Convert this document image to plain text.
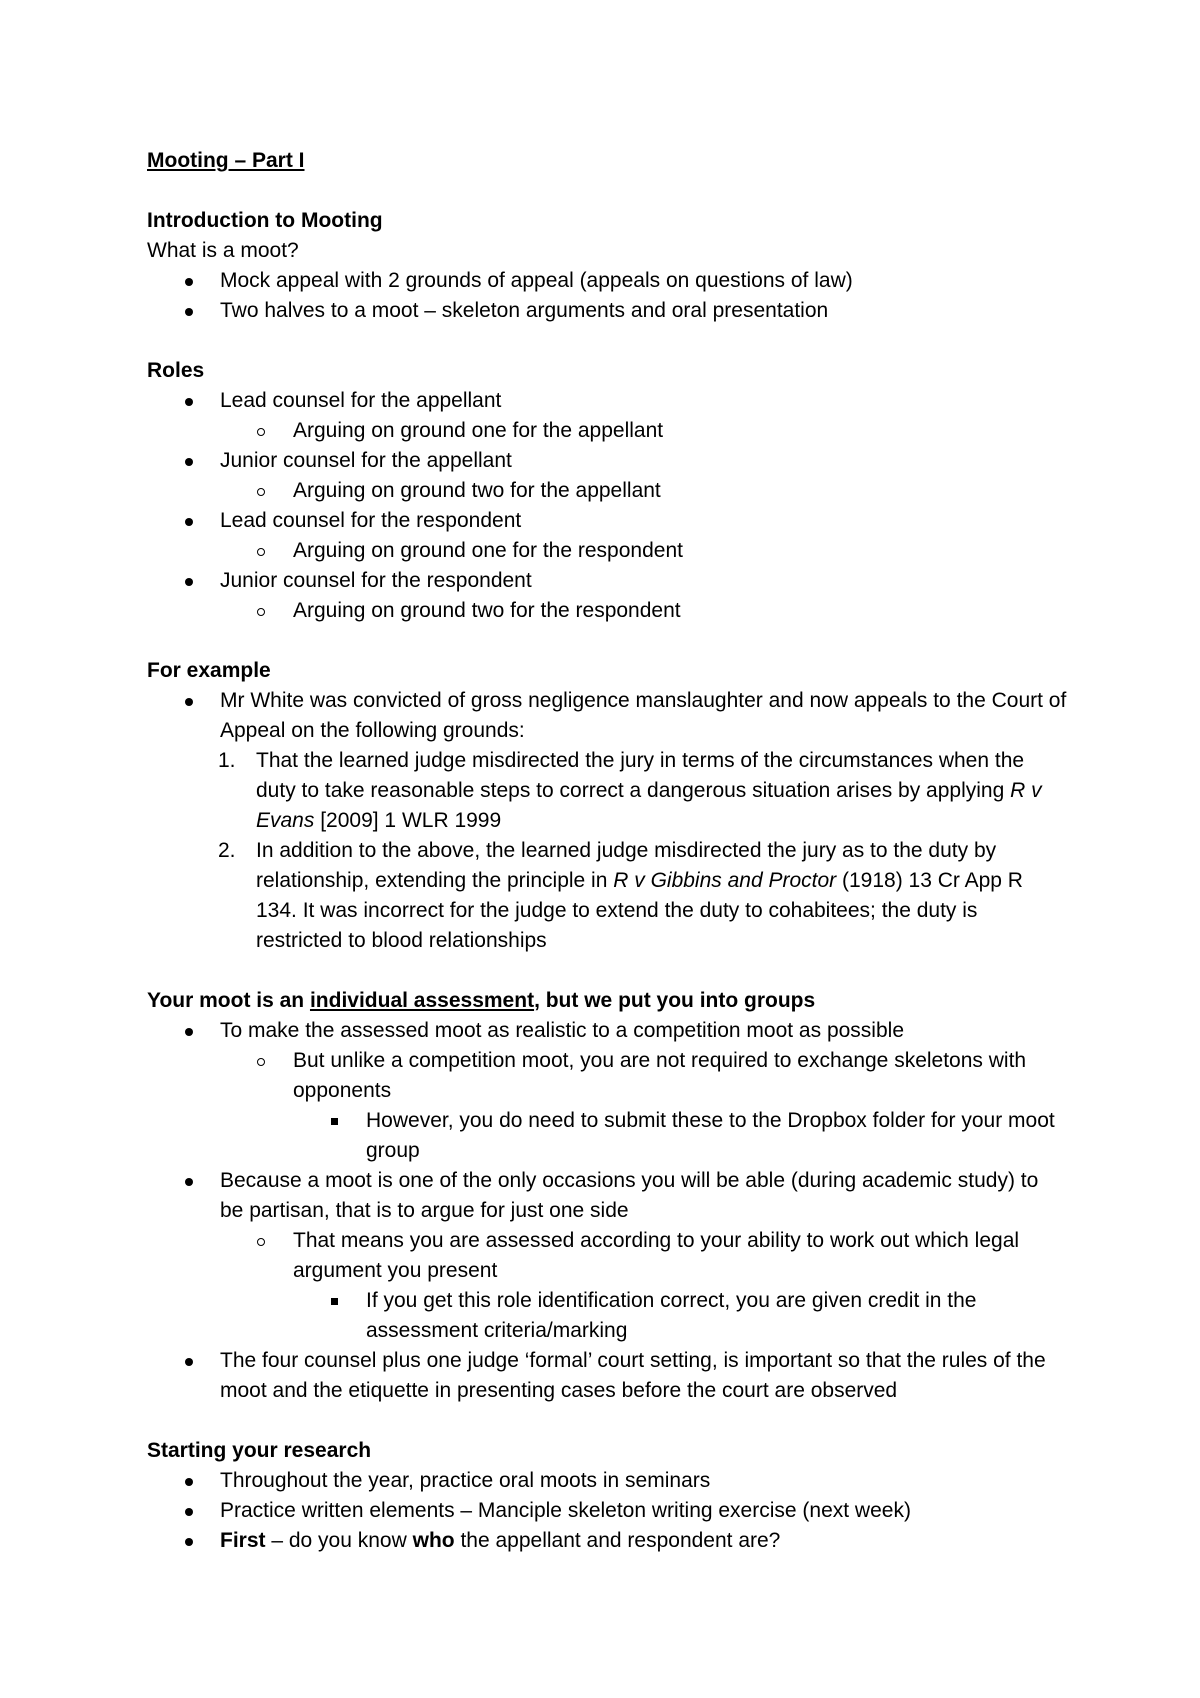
Mooting – Part I

Introduction to Mooting

What is a moot?

Mock appeal with 2 grounds of appeal (appeals on questions of law)
Two halves to a moot – skeleton arguments and oral presentation

Roles

Lead counsel for the appellant
Arguing on ground one for the appellant
Junior counsel for the appellant
Arguing on ground two for the appellant
Lead counsel for the respondent
Arguing on ground one for the respondent
Junior counsel for the respondent
Arguing on ground two for the respondent

For example

Mr White was convicted of gross negligence manslaughter and now appeals to the Court of Appeal on the following grounds:
1. That the learned judge misdirected the jury in terms of the circumstances when the duty to take reasonable steps to correct a dangerous situation arises by applying R v Evans [2009] 1 WLR 1999
2. In addition to the above, the learned judge misdirected the jury as to the duty by relationship, extending the principle in R v Gibbins and Proctor (1918) 13 Cr App R 134. It was incorrect for the judge to extend the duty to cohabitees; the duty is restricted to blood relationships

Your moot is an individual assessment, but we put you into groups

To make the assessed moot as realistic to a competition moot as possible
But unlike a competition moot, you are not required to exchange skeletons with opponents
However, you do need to submit these to the Dropbox folder for your moot group
Because a moot is one of the only occasions you will be able (during academic study) to be partisan, that is to argue for just one side
That means you are assessed according to your ability to work out which legal argument you present
If you get this role identification correct, you are given credit in the assessment criteria/marking
The four counsel plus one judge ‘formal’ court setting, is important so that the rules of the moot and the etiquette in presenting cases before the court are observed

Starting your research

Throughout the year, practice oral moots in seminars
Practice written elements – Manciple skeleton writing exercise (next week)
First – do you know who the appellant and respondent are?
